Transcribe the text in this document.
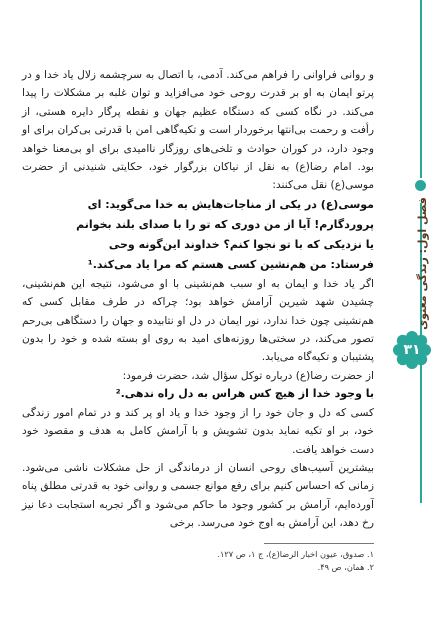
فصل اول: زندگی معنوی
۳۱

و روانی فراوانی را فراهم می‌کند. آدمی، با اتصال به سرچشمه زلال یاد خدا و در پرتو ایمان به او بر قدرت روحی خود می‌افزاید و توان غلبه بر مشکلات را پیدا می‌کند. در نگاه کسی که دستگاه عظیم جهان و نقطه پرگار دایره هستی، از رأفت و رحمت بی‌انتها برخوردار است و تکیه‌گاهی امن با قدرتی بی‌کران برای او وجود دارد، در کوران حوادث و تلخی‌های روزگار ناامیدی برای او بی‌معنا خواهد بود. امام رضا(ع) به نقل از نیاکان بزرگوار خود، حکایتی شنیدنی از حضرت موسی(ع) نقل می‌کنند:

موسی(ع) در یکی از مناجات‌هایش به خدا می‌گوید: ای
پروردگارم! آیا از من دوری که تو را با صدای بلند بخوانم
یا نزدیکی که با تو نجوا کنم؟ خداوند این‌گونه وحی
فرستاد: من هم‌نشین کسی هستم که مرا یاد می‌کند.¹

اگر یاد خدا و ایمان به او سبب هم‌نشینی با او می‌شود، نتیجه این هم‌نشینی، چشیدن شهد شیرین آرامش خواهد بود؛ چراکه در طرف مقابل کسی که هم‌نشینی چون خدا ندارد، نور ایمان در دل او نتابیده و جهان را دستگاهی بی‌رحم تصور می‌کند، در سختی‌ها روزنه‌های امید به روی او بسته شده و خود را بدون پشتیبان و تکیه‌گاه می‌یابد.

از حضرت رضا(ع) درباره توکل سؤال شد، حضرت فرمود:

با وجود خدا از هیچ کس هراس به دل راه ندهی.²

کسی که دل و جان خود را از وجود خدا و یاد او پر کند و در تمام امور زندگی خود، بر او تکیه نماید بدون تشویش و با آرامش کامل به هدف و مقصود خود دست خواهد یافت.

بیشترین آسیب‌های روحی انسان از درماندگی از حل مشکلات ناشی می‌شود. زمانی که احساس کنیم برای رفع موانع جسمی و روانی خود به قدرتی مطلق پناه آورده‌ایم، آرامش بر کشور وجود ما حاکم می‌شود و اگر تجربه استجابت دعا نیز رخ دهد، این آرامش به اوج خود می‌رسد. برخی

۱. صدوق، عیون اخبار الرضا(ع)، ج ۱، ص ۱۲۷.
۲. همان، ص ۴۹.
